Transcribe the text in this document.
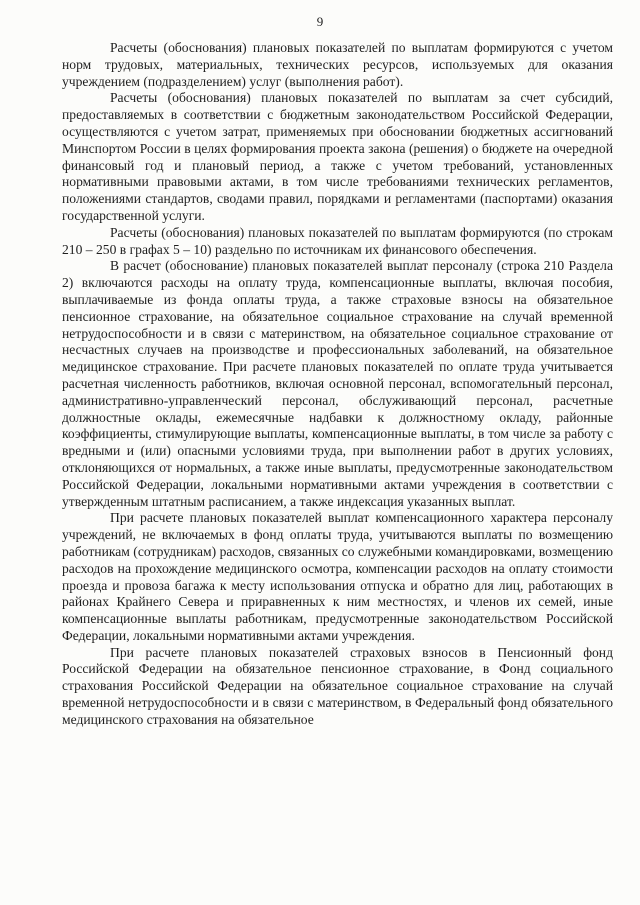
9

Расчеты (обоснования) плановых показателей по выплатам формируются с учетом норм трудовых, материальных, технических ресурсов, используемых для оказания учреждением (подразделением) услуг (выполнения работ).

Расчеты (обоснования) плановых показателей по выплатам за счет субсидий, предоставляемых в соответствии с бюджетным законодательством Российской Федерации, осуществляются с учетом затрат, применяемых при обосновании бюджетных ассигнований Минспортом России в целях формирования проекта закона (решения) о бюджете на очередной финансовый год и плановый период, а также с учетом требований, установленных нормативными правовыми актами, в том числе требованиями технических регламентов, положениями стандартов, сводами правил, порядками и регламентами (паспортами) оказания государственной услуги.

Расчеты (обоснования) плановых показателей по выплатам формируются (по строкам 210 – 250 в графах 5 – 10) раздельно по источникам их финансового обеспечения.

В расчет (обоснование) плановых показателей выплат персоналу (строка 210 Раздела 2) включаются расходы на оплату труда, компенсационные выплаты, включая пособия, выплачиваемые из фонда оплаты труда, а также страховые взносы на обязательное пенсионное страхование, на обязательное социальное страхование на случай временной нетрудоспособности и в связи с материнством, на обязательное социальное страхование от несчастных случаев на производстве и профессиональных заболеваний, на обязательное медицинское страхование. При расчете плановых показателей по оплате труда учитывается расчетная численность работников, включая основной персонал, вспомогательный персонал, административно-управленческий персонал, обслуживающий персонал, расчетные должностные оклады, ежемесячные надбавки к должностному окладу, районные коэффициенты, стимулирующие выплаты, компенсационные выплаты, в том числе за работу с вредными и (или) опасными условиями труда, при выполнении работ в других условиях, отклоняющихся от нормальных, а также иные выплаты, предусмотренные законодательством Российской Федерации, локальными нормативными актами учреждения в соответствии с утвержденным штатным расписанием, а также индексация указанных выплат.

При расчете плановых показателей выплат компенсационного характера персоналу учреждений, не включаемых в фонд оплаты труда, учитываются выплаты по возмещению работникам (сотрудникам) расходов, связанных со служебными командировками, возмещению расходов на прохождение медицинского осмотра, компенсации расходов на оплату стоимости проезда и провоза багажа к месту использования отпуска и обратно для лиц, работающих в районах Крайнего Севера и приравненных к ним местностях, и членов их семей, иные компенсационные выплаты работникам, предусмотренные законодательством Российской Федерации, локальными нормативными актами учреждения.

При расчете плановых показателей страховых взносов в Пенсионный фонд Российской Федерации на обязательное пенсионное страхование, в Фонд социального страхования Российской Федерации на обязательное социальное страхование на случай временной нетрудоспособности и в связи с материнством, в Федеральный фонд обязательного медицинского страхования на обязательное
